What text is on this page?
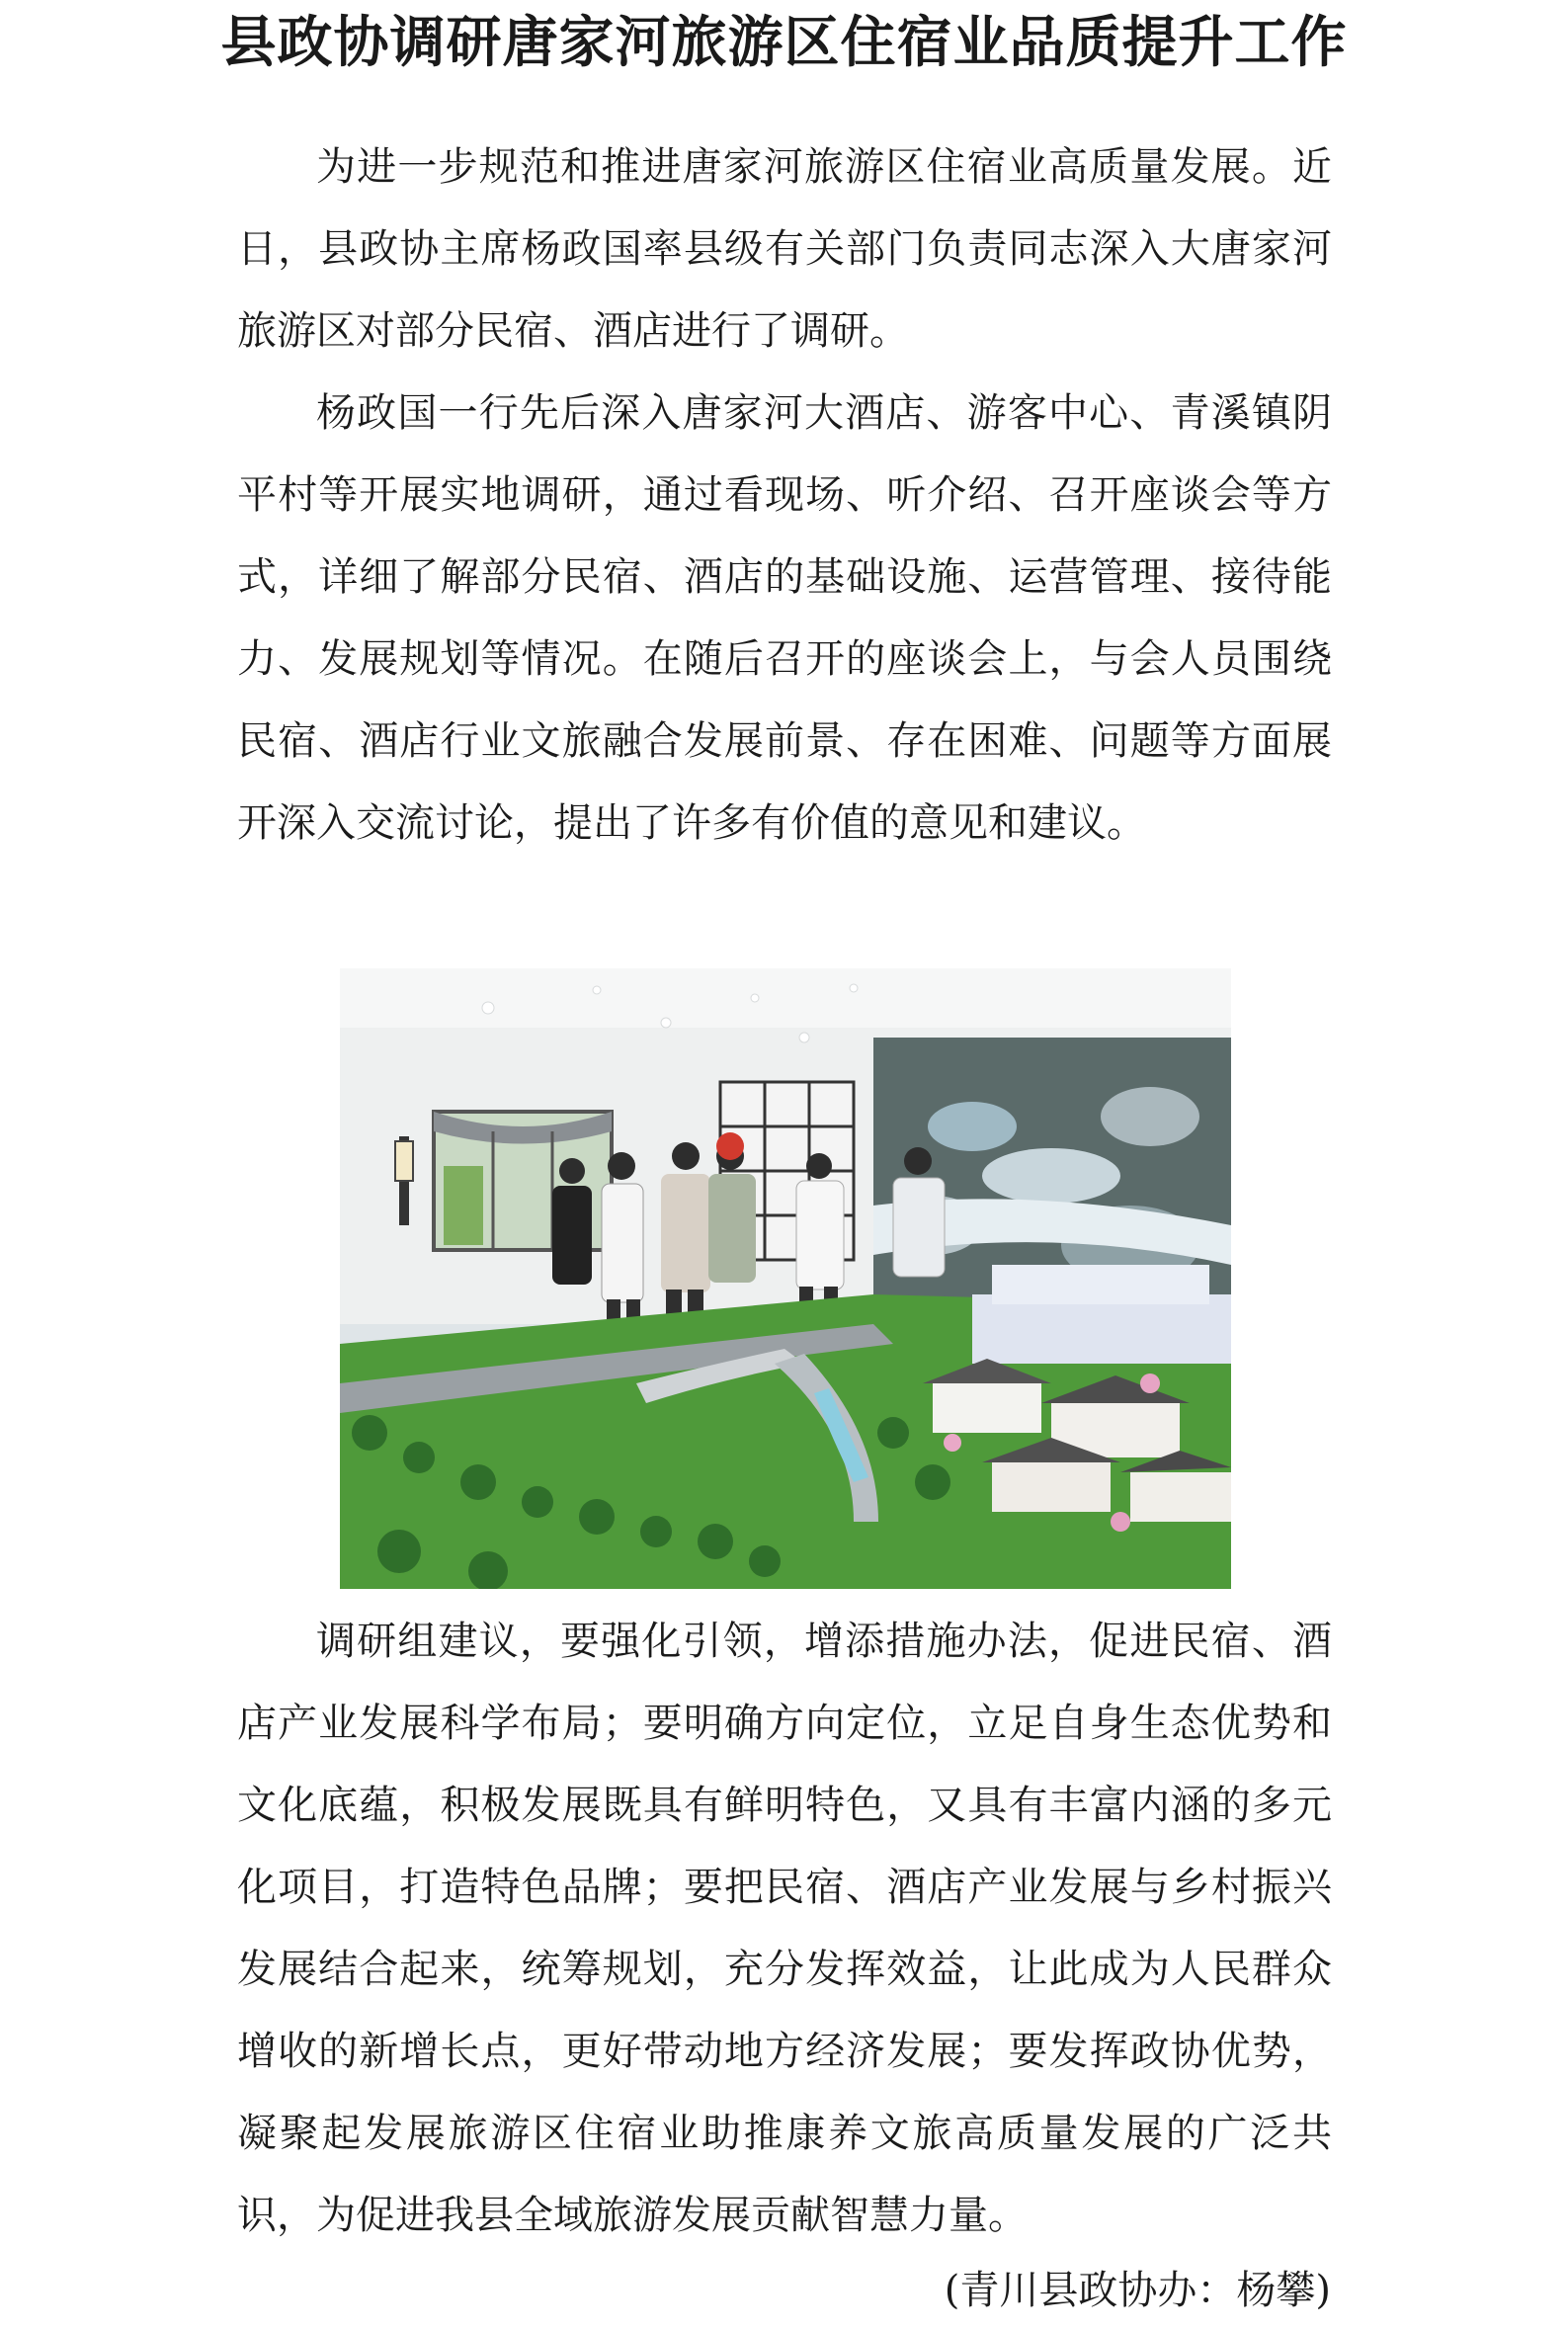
县政协调研唐家河旅游区住宿业品质提升工作

为进一步规范和推进唐家河旅游区住宿业高质量发展。近日，县政协主席杨政国率县级有关部门负责同志深入大唐家河旅游区对部分民宿、酒店进行了调研。

杨政国一行先后深入唐家河大酒店、游客中心、青溪镇阴平村等开展实地调研，通过看现场、听介绍、召开座谈会等方式，详细了解部分民宿、酒店的基础设施、运营管理、接待能力、发展规划等情况。在随后召开的座谈会上，与会人员围绕民宿、酒店行业文旅融合发展前景、存在困难、问题等方面展开深入交流讨论，提出了许多有价值的意见和建议。

调研组建议，要强化引领，增添措施办法，促进民宿、酒店产业发展科学布局；要明确方向定位，立足自身生态优势和文化底蕴，积极发展既具有鲜明特色，又具有丰富内涵的多元化项目，打造特色品牌；要把民宿、酒店产业发展与乡村振兴发展结合起来，统筹规划，充分发挥效益，让此成为人民群众增收的新增长点，更好带动地方经济发展；要发挥政协优势，凝聚起发展旅游区住宿业助推康养文旅高质量发展的广泛共识，为促进我县全域旅游发展贡献智慧力量。

(青川县政协办：杨攀)
